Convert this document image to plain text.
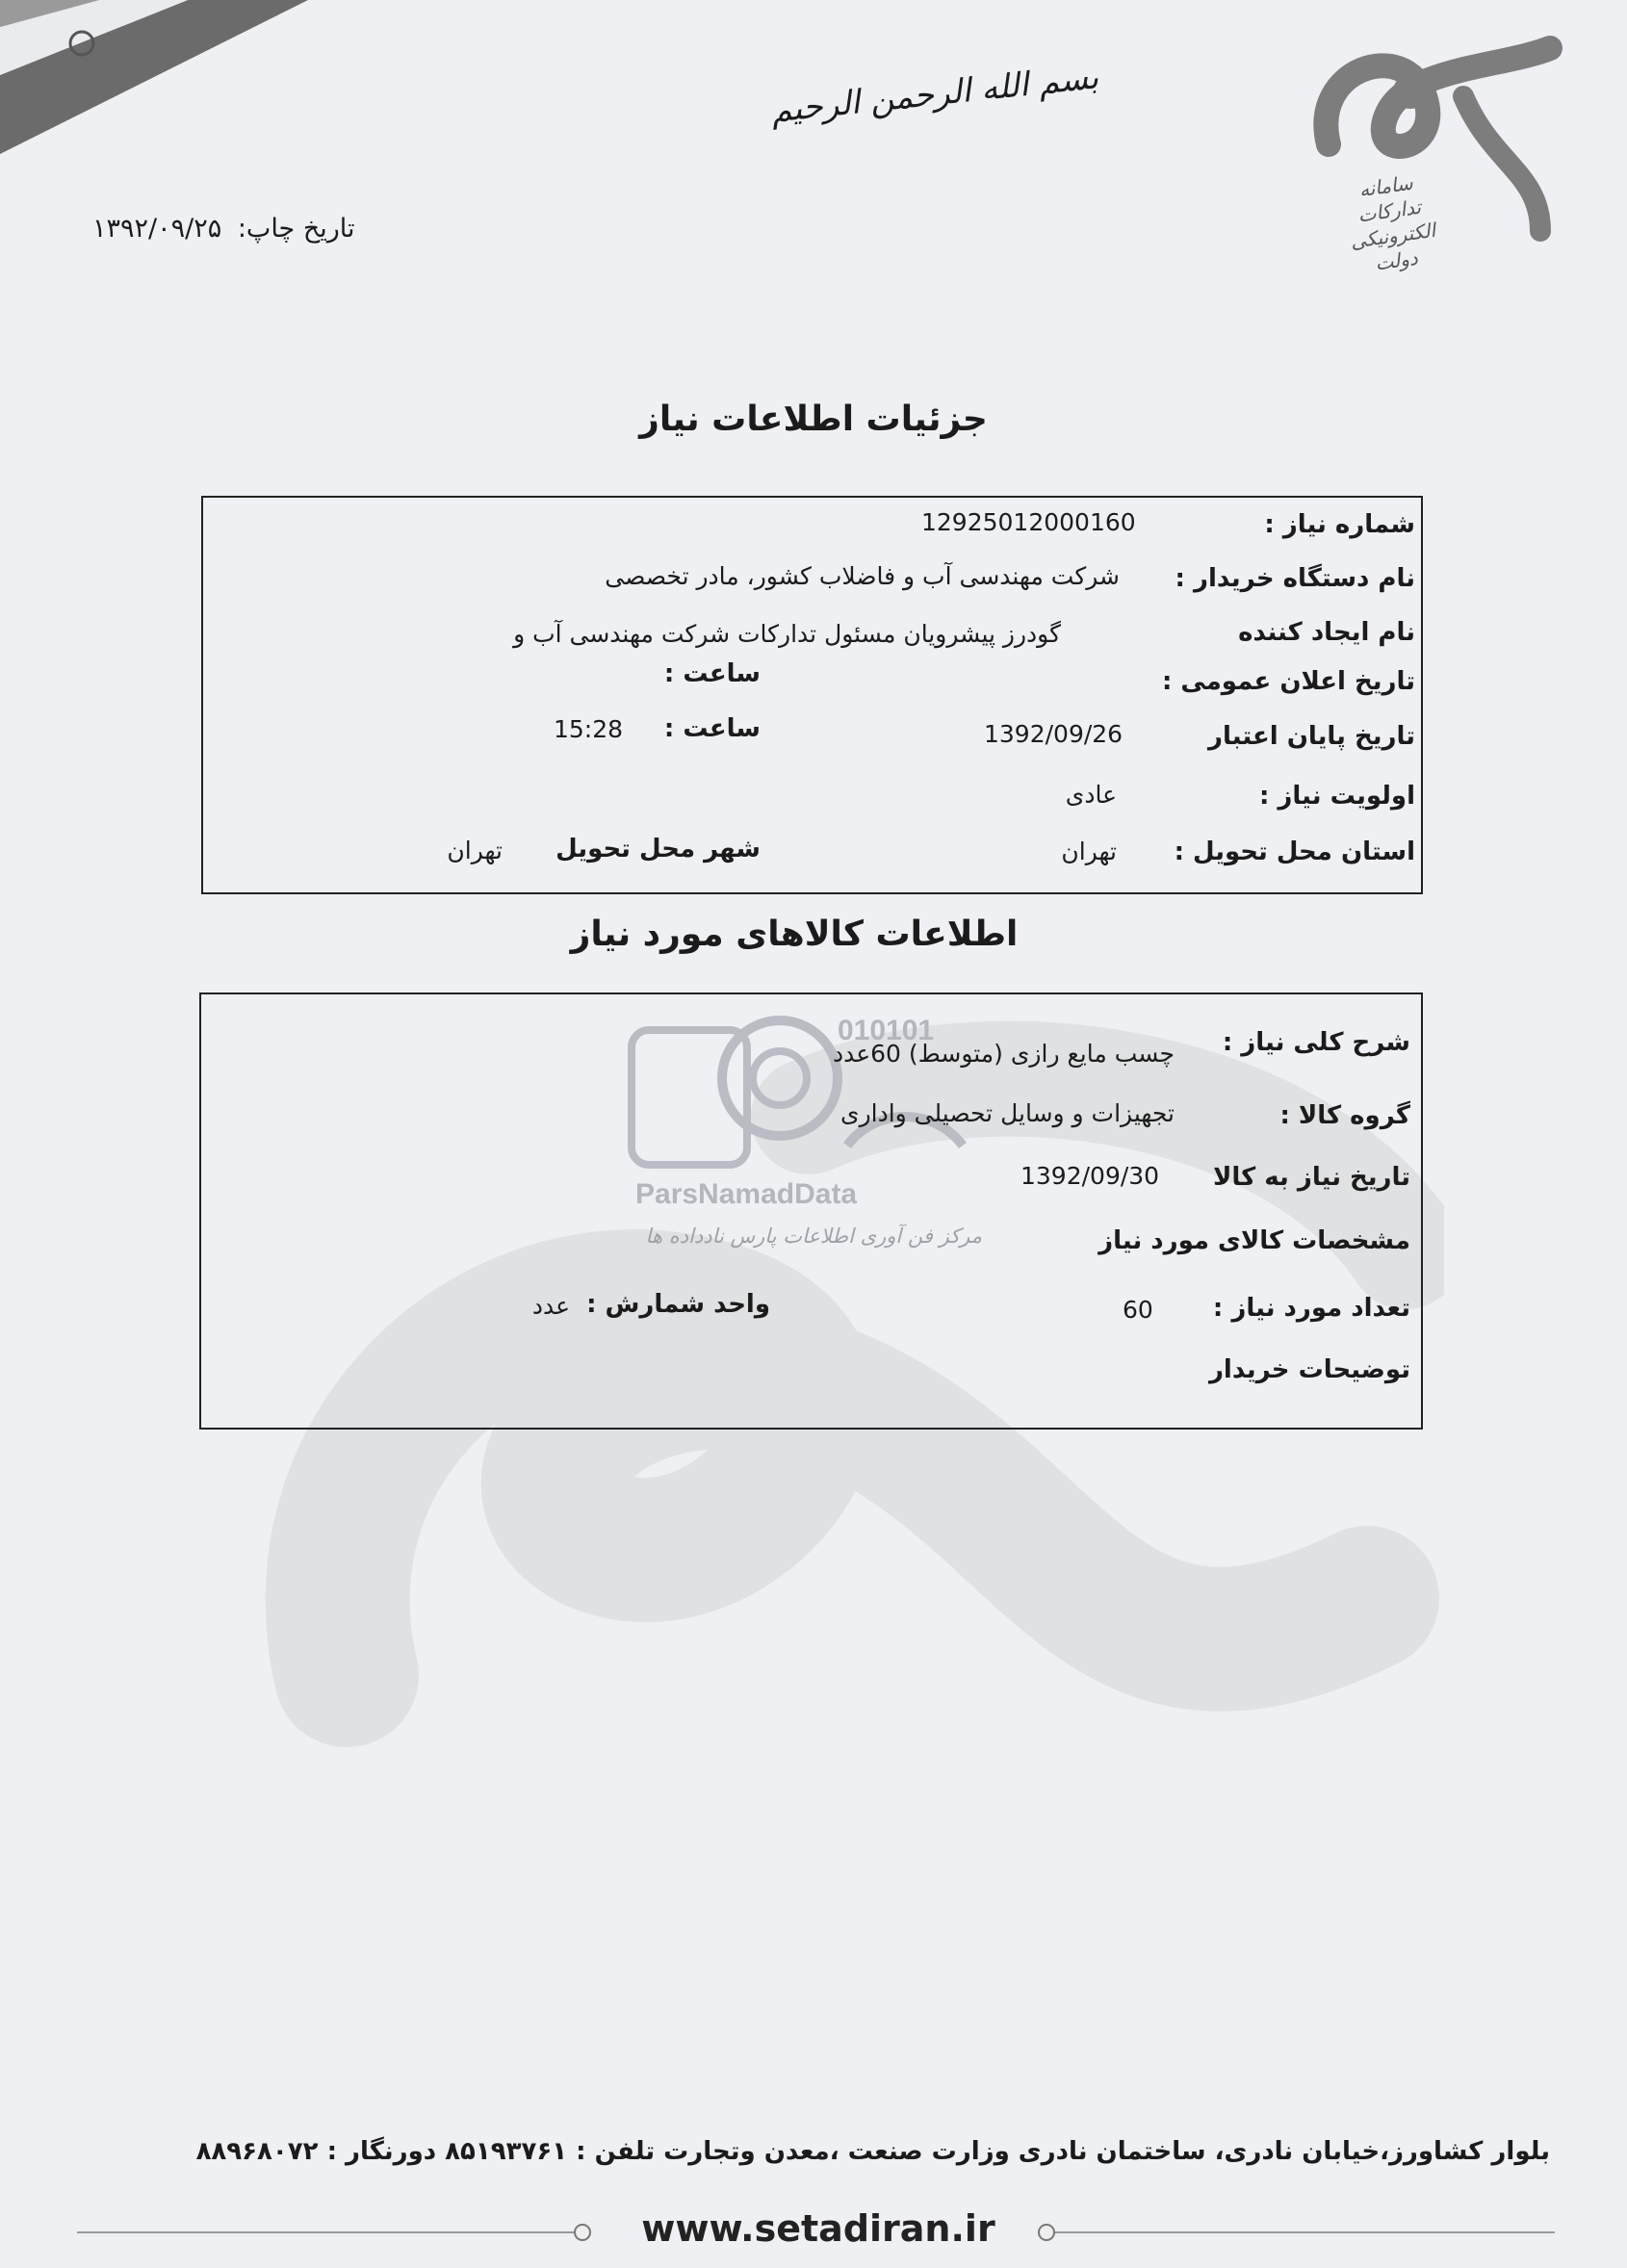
تاریخ چاپ: ۱۳۹۲/۰۹/۲۵
بسم الله الرحمن الرحیم
سامانه
تدارکات
الکترونیکی
دولت
جزئیات اطلاعات نیاز
شماره نیاز :
12925012000160
نام دستگاه خریدار :
شرکت مهندسی آب و فاضلاب کشور، مادر تخصصی
نام ایجاد کننده
گودرز پیشرویان مسئول تدارکات شرکت مهندسی آب و
تاریخ اعلان عمومی :
ساعت :
تاریخ پایان اعتبار
1392/09/26
ساعت :
15:28
اولویت نیاز :
عادی
استان محل تحویل :
تهران
شهر محل تحویل
تهران
اطلاعات کالاهای مورد نیاز
ParsNamadData
010101
مرکز فن آوری اطلاعات پارس نادداده ها
شرح کلی نیاز :
چسب مایع رازی (متوسط) 60عدد
گروه کالا :
تجهیزات و وسایل تحصیلی واداری
تاریخ نیاز به کالا
1392/09/30
مشخصات کالای مورد نیاز
تعداد مورد نیاز :
60
واحد شمارش :
عدد
توضیحات خریدار
بلوار کشاورز،خیابان نادری، ساختمان نادری وزارت صنعت ،معدن وتجارت تلفن : ۸۵۱۹۳۷۶۱ دورنگار : ۸۸۹۶۸۰۷۲
www.setadiran.ir
